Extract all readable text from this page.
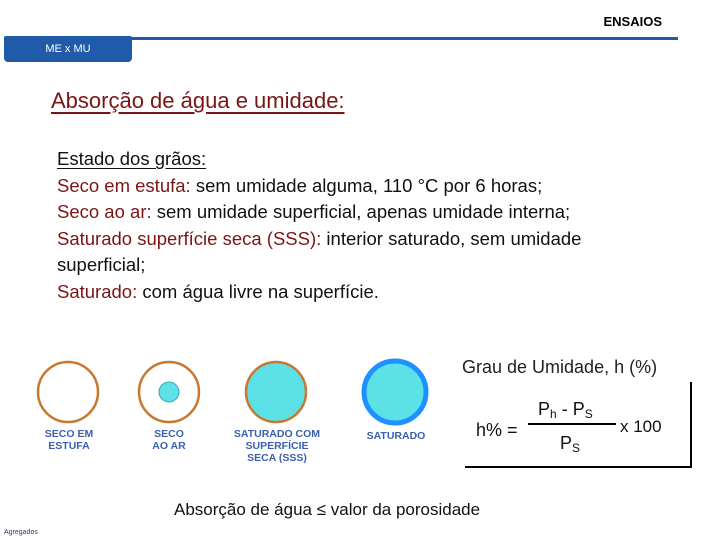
ENSAIOS
ME x MU
Absorção de água e umidade:
Estado dos grãos:
Seco em estufa: sem umidade alguma, 110 °C por 6 horas;
Seco ao ar: sem umidade superficial, apenas umidade interna;
Saturado superfície seca (SSS): interior saturado, sem umidade
superficial;
Saturado: com água livre na superfície.
SECO EM
ESTUFA
SECO
AO AR
SATURADO COM
SUPERFÍCIE
SECA (SSS)
SATURADO
Grau de Umidade, h (%)
h% =
$P_h - P_S$
x 100
$P_S$
Absorção de água ≤ valor da porosidade
Agregados
